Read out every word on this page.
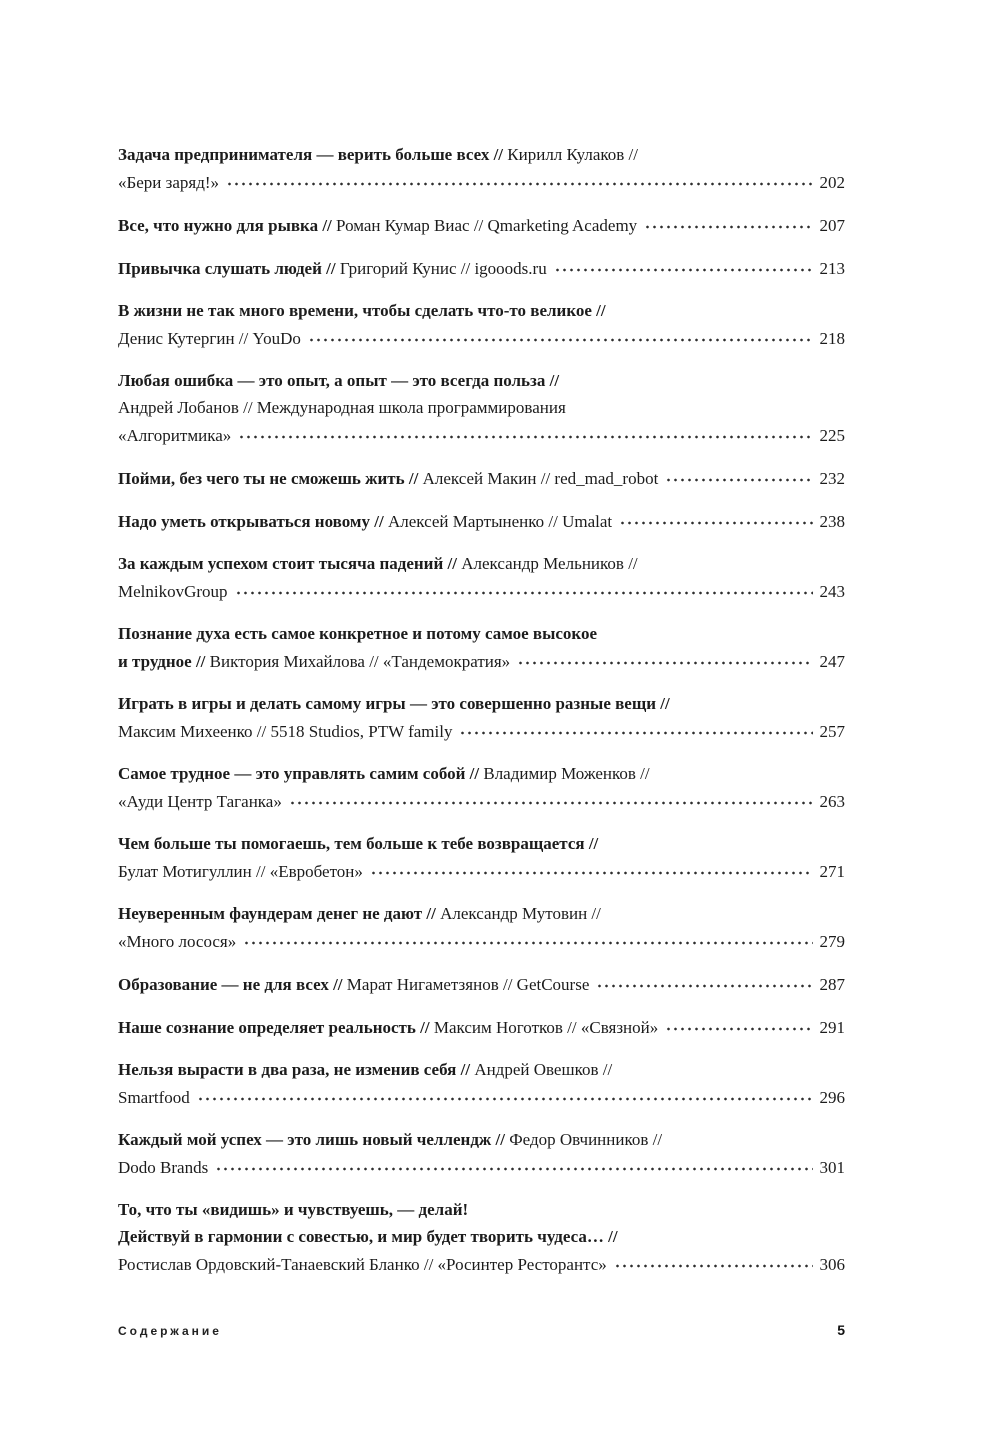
Задача предпринимателя — верить больше всех // Кирилл Кулаков //
«Бери заряд!»	202
Все, что нужно для рывка // Роман Кумар Виас // Qmarketing Academy	207
Привычка слушать людей // Григорий Кунис // igooods.ru	213
В жизни не так много времени, чтобы сделать что-то великое //
Денис Кутергин // YouDo	218
Любая ошибка — это опыт, а опыт — это всегда польза //
Андрей Лобанов // Международная школа программирования
«Алгоритмика»	225
Пойми, без чего ты не сможешь жить // Алексей Макин // red_mad_robot	232
Надо уметь открываться новому // Алексей Мартыненко // Umalat	238
За каждым успехом стоит тысяча падений // Александр Мельников //
MelnikovGroup	243
Познание духа есть самое конкретное и потому самое высокое
и трудное // Виктория Михайлова // «Тандемократия»	247
Играть в игры и делать самому игры — это совершенно разные вещи //
Максим Михеенко // 5518 Studios, PTW family	257
Самое трудное — это управлять самим собой // Владимир Моженков //
«Ауди Центр Таганка»	263
Чем больше ты помогаешь, тем больше к тебе возвращается //
Булат Мотигуллин // «Евробетон»	271
Неуверенным фаундерам денег не дают // Александр Мутовин //
«Много лосося»	279
Образование — не для всех // Марат Нигаметзянов // GetCourse	287
Наше сознание определяет реальность // Максим Ноготков // «Связной»	291
Нельзя вырасти в два раза, не изменив себя // Андрей Овешков //
Smartfood	296
Каждый мой успех — это лишь новый челлендж // Федор Овчинников //
Dodo Brands	301
То, что ты «видишь» и чувствуешь, — делай!
Действуй в гармонии с совестью, и мир будет творить чудеса… //
Ростислав Ордовский-Танаевский Бланко // «Росинтер Ресторантс»	306
Содержание	5
